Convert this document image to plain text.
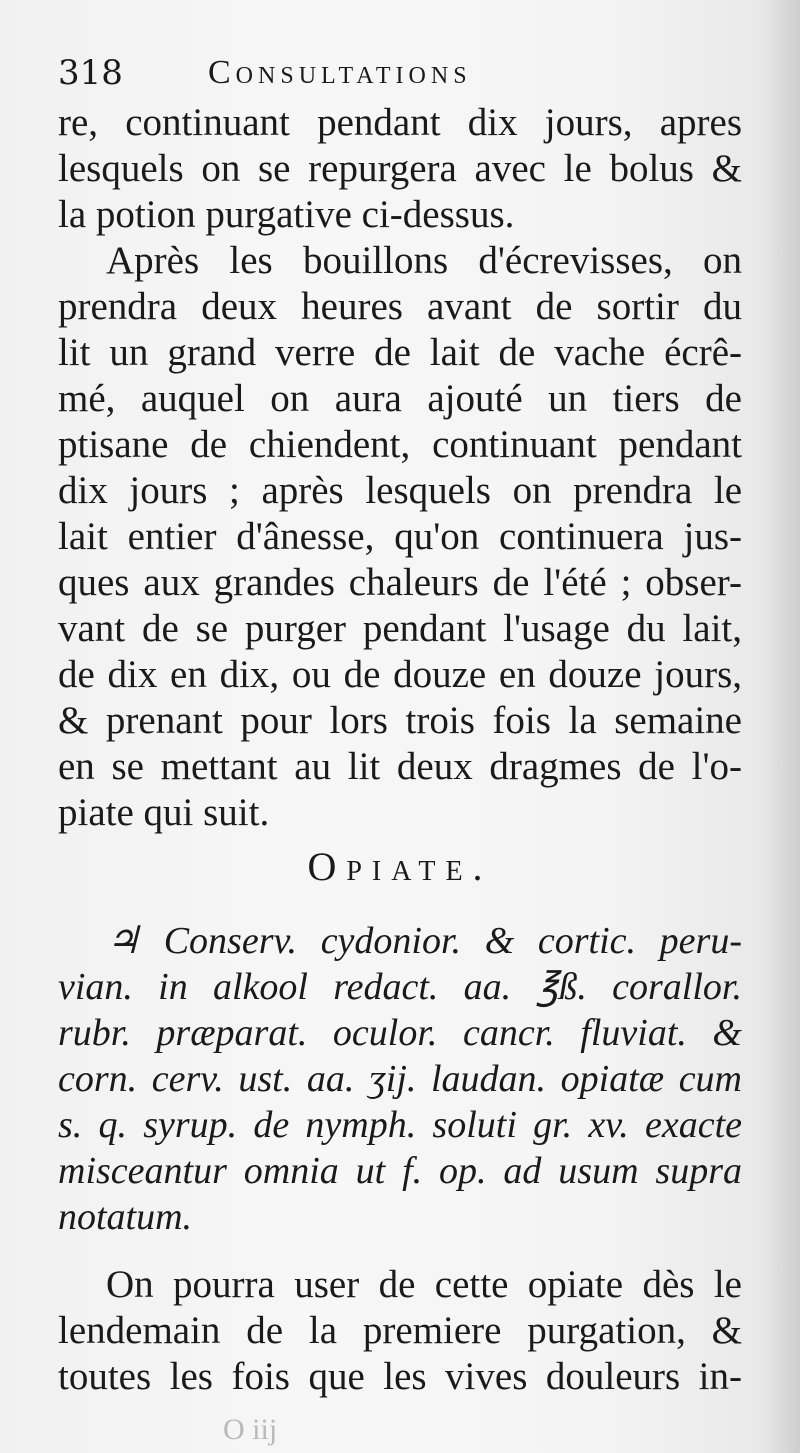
318	Consultations
re, continuant pendant dix jours, apres
lesquels on se repurgera avec le bolus &
la potion purgative ci-dessus.
Après les bouillons d'écrevisses, on
prendra deux heures avant de sortir du
lit un grand verre de lait de vache écrê-
mé, auquel on aura ajouté un tiers de
ptisane de chiendent, continuant pendant
dix jours ; après lesquels on prendra le
lait entier d'ânesse, qu'on continuera jus-
ques aux grandes chaleurs de l'été ; obser-
vant de se purger pendant l'usage du lait,
de dix en dix, ou de douze en douze jours,
& prenant pour lors trois fois la semaine
en se mettant au lit deux dragmes de l'o-
piate qui suit.
Opiate.
♃ Conserv. cydonior. & cortic. peru-
vian. in alkool redact. aa. ℥ß. corallor.
rubr. præparat. oculor. cancr. fluviat. &
corn. cerv. ust. aa. ʒij. laudan. opiatæ cum
s. q. syrup. de nymph. soluti gr. xv. exacte
misceantur omnia ut f. op. ad usum supra
notatum.
On pourra user de cette opiate dès le
lendemain de la premiere purgation, &
toutes les fois que les vives douleurs in-
O iij
